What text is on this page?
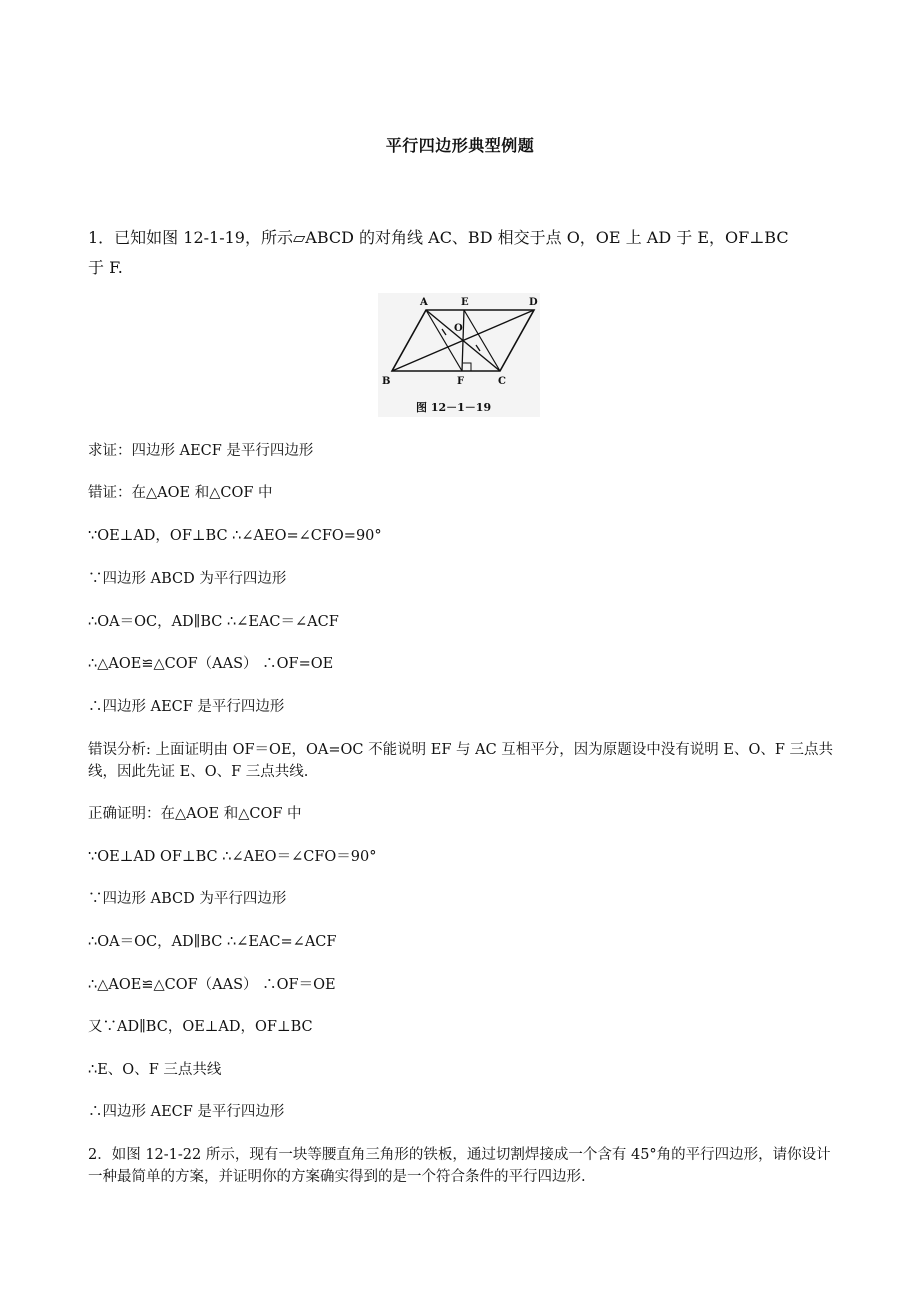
平行四边形典型例题
1．已知如图 12-1-19，所示▱ABCD 的对角线 AC、BD 相交于点 O，OE 上 AD 于 E，OF⊥BC
于 F.
A	E	D
O
B	F	C
图 12－1－19
求证：四边形 AECF 是平行四边形
错证：在△AOE 和△COF 中
∵OE⊥AD，OF⊥BC ∴∠AEO=∠CFO=90°
∵四边形 ABCD 为平行四边形
∴OA＝OC，AD∥BC ∴∠EAC＝∠ACF
∴△AOE≌△COF（AAS） ∴OF=OE
∴四边形 AECF 是平行四边形
错误分析: 上面证明由 OF＝OE，OA=OC 不能说明 EF 与 AC 互相平分，因为原题设中没有说明 E、O、F 三点共线，因此先证 E、O、F 三点共线.
正确证明：在△AOE 和△COF 中
∵OE⊥AD OF⊥BC ∴∠AEO＝∠CFO＝90°
∵四边形 ABCD 为平行四边形
∴OA＝OC，AD∥BC ∴∠EAC=∠ACF
∴△AOE≌△COF（AAS） ∴OF＝OE
又∵AD∥BC，OE⊥AD，OF⊥BC
∴E、O、F 三点共线
∴四边形 AECF 是平行四边形
2．如图 12-1-22 所示，现有一块等腰直角三角形的铁板，通过切割焊接成一个含有 45°角的平行四边形，请你设计一种最简单的方案，并证明你的方案确实得到的是一个符合条件的平行四边形.
